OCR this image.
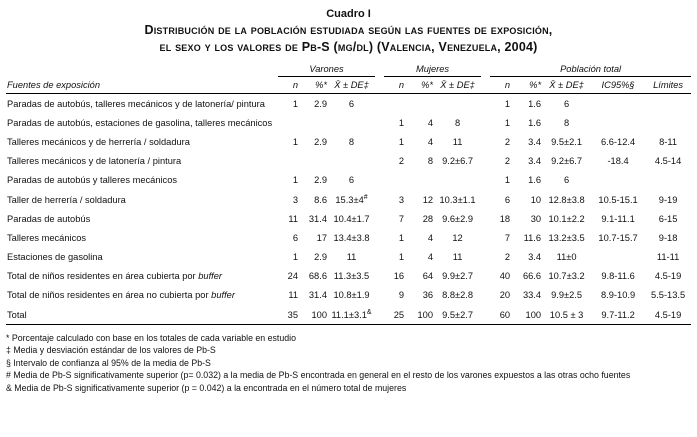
Cuadro I
Distribución de la población estudiada según las fuentes de exposición,
el sexo y los valores de Pb-S (μg/dl) (Valencia, Venezuela, 2004)
	Varones				Mujeres				Población total				
Fuentes de exposición	n	%*	X̄ ± DE‡		n	%*	X̄ ± DE‡		n	%*	X̄ ± DE‡	IC95%§	Límites
Paradas de autobús, talleres mecánicos y de latonería/ pintura	1	2.9	6						1	1.6	6		
Paradas de autobús, estaciones de gasolina, talleres mecánicos					1	4	8		1	1.6	8		
Talleres mecánicos y de herrería / soldadura	1	2.9	8		1	4	11		2	3.4	9.5±2.1	6.6-12.4	8-11
Talleres mecánicos y de latonería / pintura					2	8	9.2±6.7		2	3.4	9.2±6.7	-18.4	4.5-14
Paradas de autobús y talleres mecánicos	1	2.9	6						1	1.6	6		
Taller de herrería / soldadura	3	8.6	15.3±4#		3	12	10.3±1.1		6	10	12.8±3.8	10.5-15.1	9-19
Paradas de autobús	11	31.4	10.4±1.7		7	28	9.6±2.9		18	30	10.1±2.2	9.1-11.1	6-15
Talleres mecánicos	6	17	13.4±3.8		1	4	12		7	11.6	13.2±3.5	10.7-15.7	9-18
Estaciones de gasolina	1	2.9	11		1	4	11		2	3.4	11±0		11-11
Total de niños residentes en área cubierta por buffer	24	68.6	11.3±3.5		16	64	9.9±2.7		40	66.6	10.7±3.2	9.8-11.6	4.5-19
Total de niños residentes en área no cubierta por buffer	11	31.4	10.8±1.9		9	36	8.8±2.8		20	33.4	9.9±2.5	8.9-10.9	5.5-13.5
Total	35	100	11.1±3.1&		25	100	9.5±2.7		60	100	10.5 ± 3	9.7-11.2	4.5-19
* Porcentaje calculado con base en los totales de cada variable en estudio
‡ Media y desviación estándar de los valores de Pb-S
§ Intervalo de confianza al 95% de la media de Pb-S
# Media de Pb-S significativamente superior (p= 0.032) a la media de Pb-S encontrada en general en el resto de los varones expuestos a las otras ocho fuentes
& Media de Pb-S significativamente superior (p = 0.042) a la encontrada en el número total de mujeres
